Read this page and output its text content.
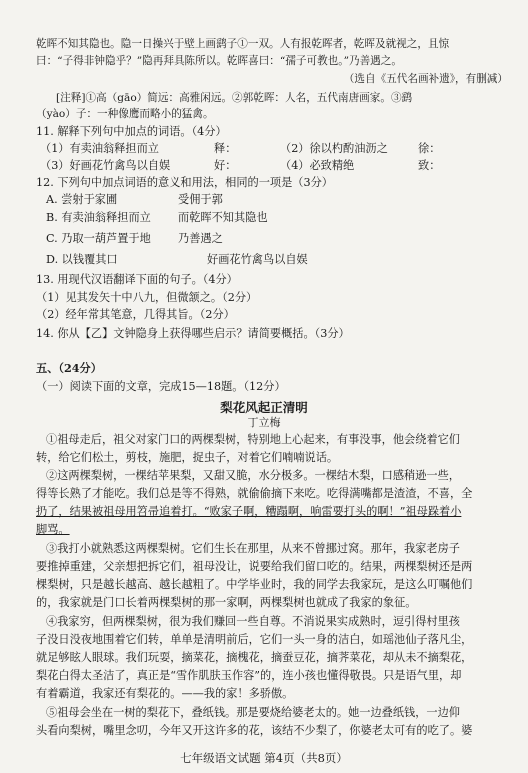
乾晖不知其隐也。隐一日操兴于壁上画鹞子①一双。人有报乾晖者，乾晖及就视之，且惊
曰：“子得非钟隐乎？”隐再拜具陈所以。乾晖喜曰：“孺子可教也。”乃善遇之。
（选自《五代名画补遗》，有删减）
[注释]①高（gāo）简远：高雅闲远。②郭乾晖：人名，五代南唐画家。③鹞
（yào）子：一种像鹰而略小的猛禽。
11. 解释下列句中加点的词语。（4分）
（1）有卖油翁释担而立	释：	（2）徐以杓酌油沥之	徐：
（3）好画花竹禽鸟以自娱	好：	（4）必致精绝	致：
12. 下列句中加点词语的意义和用法，相同的一项是（3分）
A. 尝射于家圃	受佣于郭
B. 有卖油翁释担而立 而乾晖不知其隐也
C. 乃取一葫芦置于地 乃善遇之
D. 以钱覆其口	好画花竹禽鸟以自娱
13. 用现代汉语翻译下面的句子。（4分）
（1）见其发矢十中八九，但微颔之。（2分）
（2）经年常其笔意，几得其旨。（2分）
14. 你从【乙】文钟隐身上获得哪些启示？请简要概括。（3分）
五、（24分）
（一）阅读下面的文章，完成15—18题。（12分）
梨花风起正清明
丁立梅
①祖母走后，祖父对家门口的两棵梨树，特别地上心起来，有事没事，他会绕着它们
转，给它们松土，剪枝，施肥，捉虫子，对着它们喃喃说话。
②这两棵梨树，一棵结苹果梨，又甜又脆，水分极多。一棵结木梨，口感稍逊一些，
得等长熟了才能吃。我们总是等不得熟，就偷偷摘下来吃。吃得满嘴都是渣渣，不喜，全
扔了，结果被祖母用笤帚追着打。“败家子啊，糟蹋啊，响雷要打头的啊！”祖母跺着小
脚骂。
③我打小就熟悉这两棵梨树。它们生长在那里，从来不曾挪过窝。那年，我家老房子
要推掉重建，父亲想把拆它们，祖母没让，说要给我们留口吃的。结果，两棵梨树还是两
棵梨树，只是越长越高、越长越粗了。中学毕业时，我的同学去我家玩，是这么叮嘱他们
的，我家就是门口长着两棵梨树的那一家啊，两棵梨树也就成了我家的象征。
④我家穷，但两棵梨树，很为我们赚回一些自尊。不消说果实成熟时，逗引得村里孩
子没日没夜地围着它们转，单单是清明前后，它们一头一身的洁白，如瑶池仙子落凡尘，
就足够眩人眼球。我们玩耍，摘菜花，摘槐花，摘蚕豆花，摘荠菜花，却从未不摘梨花，
梨花白得太圣洁了，真正是“雪作肌肤玉作容”的，连小孩也懂得敬畏。只是语气里，却
有着霸道，我家还有梨花的。——我的家！多骄傲。
⑤祖母会坐在一树的梨花下，叠纸钱。那是要烧给婆老太的。她一边叠纸钱，一边仰
头看向梨树，嘴里念叨，今年又开这许多的花，该结不少梨了，你婆老太可有的吃了。婆
七年级语文试题 第4页（共8页）
